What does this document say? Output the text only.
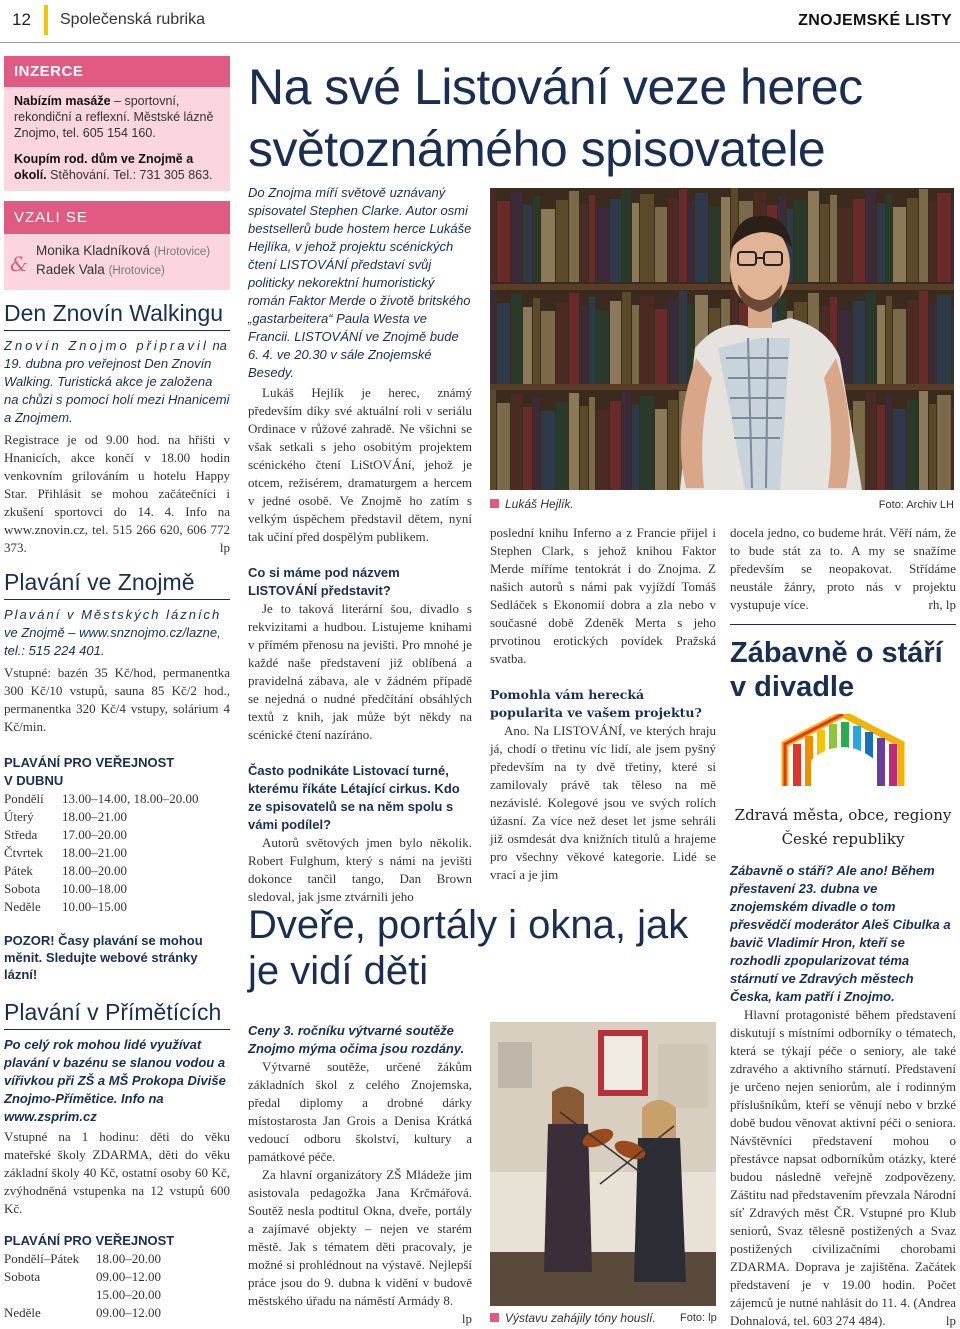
12 Společenská rubrika	ZNOJEMSKÉ LISTY
INZERCE
Nabízím masáže – sportovní, rekondiční a reflexní. Městské lázně Znojmo, tel. 605 154 160.
Koupím rod. dům ve Znojmě a okolí. Stěhování. Tel.: 731 305 863.
VZALI SE
&
Monika Kladníková (Hrotovice)
Radek Vala (Hrotovice)
Den Znovín Walkingu
Znovín Znojmo připravil na 19. dubna pro veřejnost Den Znovín Walking. Turistická akce je založena na chůzi s pomocí holí mezi Hnanicemi a Znojmem.
Registrace je od 9.00 hod. na hřišti v Hnanicích, akce končí v 18.00 hodin venkovním grilováním u hotelu Happy Star. Přihlásit se mohou začátečníci i zkušení sportovci do 14. 4. Info na www.znovin.cz, tel. 515 266 620, 606 772 373.	lp
Plavání ve Znojmě
Plavání v Městských lázních ve Znojmě – www.snznojmo.cz/lazne, tel.: 515 224 401.
Vstupné: bazén 35 Kč/hod, permanentka 300 Kč/10 vstupů, sauna 85 Kč/2 hod., permanentka 320 Kč/4 vstupy, solárium 4 Kč/min.
PLAVÁNÍ PRO VEŘEJNOST
V DUBNU
Pondělí	13.00–14.00, 18.00–20.00
Úterý	18.00–21.00
Středa	17.00–20.00
Čtvrtek	18.00–21.00
Pátek	18.00–20.00
Sobota	10.00–18.00
Neděle	10.00–15.00
POZOR! Časy plavání se mohou měnit. Sledujte webové stránky lázní!
Plavání v Přímětících
Po celý rok mohou lidé využívat plavání v bazénu se slanou vodou a vířivkou při ZŠ a MŠ Prokopa Diviše Znojmo-Přímětice. Info na www.zsprim.cz
Vstupné na 1 hodinu: děti do věku mateřské školy ZDARMA, děti do věku základní školy 40 Kč, ostatní osoby 60 Kč, zvýhodněná vstupenka na 12 vstupů 600 Kč.
PLAVÁNÍ PRO VEŘEJNOST
Pondělí–Pátek	18.00–20.00
Sobota	09.00–12.00
15.00–20.00
Neděle	09.00–12.00
Na své Listování veze herec světoznámého spisovatele
Do Znojma míří světově uznávaný spisovatel Stephen Clarke. Autor osmi bestsellerů bude hostem herce Lukáše Hejlíka, v jehož projektu scénických čtení LISTOVÁNÍ představí svůj politicky nekorektní humoristický román Faktor Merde o životě britského „gastarbeitera“ Paula Westa ve Francii. LISTOVÁNÍ ve Znojmě bude 6. 4. ve 20.30 v sále Znojemské Besedy.
Lukáš Hejlík je herec, známý především díky své aktuální roli v seriálu Ordinace v růžové zahradě. Ne všichni se však setkali s jeho osobitým projektem scénického čtení LiStOVÁní, jehož je otcem, režisérem, dramaturgem a hercem v jedné osobě. Ve Znojmě ho zatím s velkým úspěchem představil dětem, nyní tak učiní před dospělým publikem.
Co si máme pod názvem LISTOVÁNÍ představit?
Je to taková literární šou, divadlo s rekvizitami a hudbou. Listujeme knihami v přímém přenosu na jevišti. Pro mnohé je každé naše představení již oblíbená a pravidelná zábava, ale v žádném případě se nejedná o nudné předčítání obsáhlých textů z knih, jak může být někdy na scénické čtení nazíráno.
Často podnikáte Listovací turné, kterému říkáte Létající cirkus. Kdo ze spisovatelů se na něm spolu s vámi podílel?
Autorů světových jmen bylo několik. Robert Fulghum, který s námi na jevišti dokonce tančil tango, Dan Brown sledoval, jak jsme ztvárnili jeho
Lukáš Hejlík.	Foto: Archiv LH
poslední knihu Inferno a z Francie přijel i Stephen Clark, s jehož knihou Faktor Merde míříme tentokrát i do Znojma. Z našich autorů s námi pak vyjíždí Tomáš Sedláček s Ekonomií dobra a zla nebo v současné době Zdeněk Merta s jeho prvotinou erotických povídek Pražská svatba.
Pomohla vám herecká popularita ve vašem projektu?
Ano. Na LISTOVÁNÍ, ve kterých hraju já, chodí o třetinu víc lidí, ale jsem pyšný především na ty dvě třetiny, které si zamilovaly právě tak těleso na mě nezávislé. Kolegové jsou ve svých rolích úžasní. Za více než deset let jsme sehráli již osmdesát dva knižních titulů a hrajeme pro všechny věkové kategorie. Lidé se vrací a je jim
docela jedno, co budeme hrát. Věří nám, že to bude stát za to. A my se snažíme především se neopakovat. Střídáme neustále žánry, proto nás v projektu vystupuje více.	rh, lp
Zábavně o stáří v divadle
Zdravá města, obce, regiony
České republiky
Zábavně o stáří? Ale ano! Během přestavení 23. dubna ve znojemském divadle o tom přesvědčí moderátor Aleš Cibulka a bavič Vladimír Hron, kteří se rozhodli zpopularizovat téma stárnutí ve Zdravých městech Česka, kam patří i Znojmo.
Hlavní protagonisté během představení diskutují s místními odborníky o tématech, která se týkají péče o seniory, ale také zdravého a aktivního stárnutí. Představení je určeno nejen seniorům, ale i rodinným příslušníkům, kteří se věnují nebo v brzké době budou věnovat aktivní péči o seniora. Návštěvníci představení mohou o přestávce napsat odborníkům otázky, které budou následně veřejně zodpovězeny. Záštitu nad představením převzala Národní síť Zdravých měst ČR. Vstupné pro Klub seniorů, Svaz tělesně postižených a Svaz postižených civilizačními chorobami ZDARMA. Doprava je zajištěna. Začátek představení je v 19.00 hodin. Počet zájemců je nutné nahlásit do 11. 4. (Andrea Dohnalová, tel. 603 274 484).	lp
Dveře, portály i okna, jak je vidí děti
Ceny 3. ročníku výtvarné soutěže Znojmo mýma očima jsou rozdány.
Výtvarné soutěže, určené žákům základních škol z celého Znojemska, předal diplomy a drobné dárky místostarosta Jan Grois a Denisa Krátká vedoucí odboru školství, kultury a památkové péče.
Za hlavní organizátory ZŠ Mládeže jim asistovala pedagožka Jana Krčmářová. Soutěž nesla podtitul Okna, dveře, portály a zajímavé objekty – nejen ve starém městě. Jak s tématem děti pracovaly, je možné si prohlédnout na výstavě. Nejlepší práce jsou do 9. dubna k vidění v budově městského úřadu na náměstí Armády 8.
lp	Výstavu zahájily tóny houslí. Foto: lp
